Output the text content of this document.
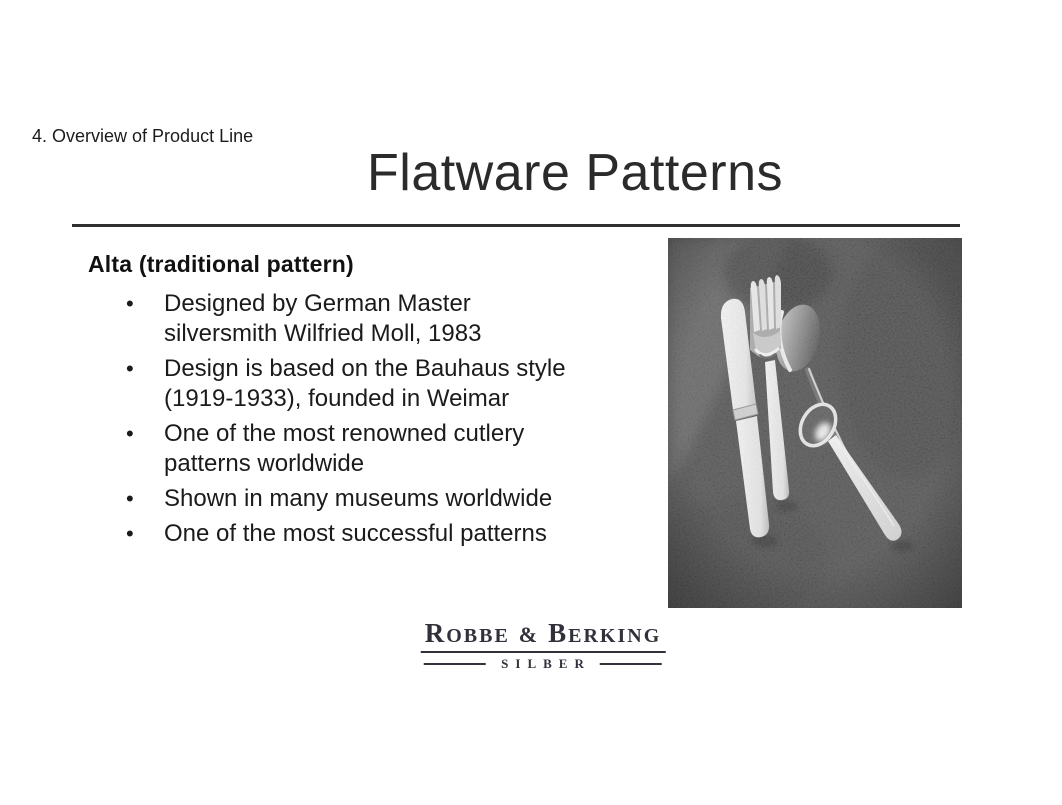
4. Overview of Product Line
Flatware Patterns

Alta (traditional pattern)

• Designed by German Master
silversmith Wilfried Moll, 1983
• Design is based on the Bauhaus style
(1919-1933), founded in Weimar
• One of the most renowned cutlery
patterns worldwide
• Shown in many museums worldwide
• One of the most successful patterns
ROBBE & BERKING
SILBER
